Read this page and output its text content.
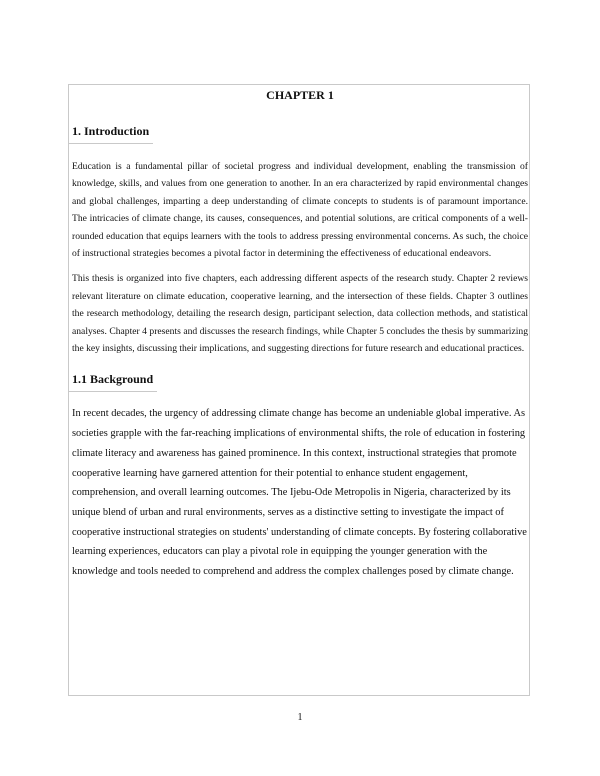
CHAPTER 1

1. Introduction

Education is a fundamental pillar of societal progress and individual development, enabling the transmission of knowledge, skills, and values from one generation to another. In an era characterized by rapid environmental changes and global challenges, imparting a deep understanding of climate concepts to students is of paramount importance. The intricacies of climate change, its causes, consequences, and potential solutions, are critical components of a well-rounded education that equips learners with the tools to address pressing environmental concerns. As such, the choice of instructional strategies becomes a pivotal factor in determining the effectiveness of educational endeavors.

This thesis is organized into five chapters, each addressing different aspects of the research study. Chapter 2 reviews relevant literature on climate education, cooperative learning, and the intersection of these fields. Chapter 3 outlines the research methodology, detailing the research design, participant selection, data collection methods, and statistical analyses. Chapter 4 presents and discusses the research findings, while Chapter 5 concludes the thesis by summarizing the key insights, discussing their implications, and suggesting directions for future research and educational practices.

1.1 Background

In recent decades, the urgency of addressing climate change has become an undeniable global imperative. As societies grapple with the far-reaching implications of environmental shifts, the role of education in fostering climate literacy and awareness has gained prominence. In this context, instructional strategies that promote cooperative learning have garnered attention for their potential to enhance student engagement, comprehension, and overall learning outcomes. The Ijebu-Ode Metropolis in Nigeria, characterized by its unique blend of urban and rural environments, serves as a distinctive setting to investigate the impact of cooperative instructional strategies on students' understanding of climate concepts. By fostering collaborative learning experiences, educators can play a pivotal role in equipping the younger generation with the knowledge and tools needed to comprehend and address the complex challenges posed by climate change.

1
